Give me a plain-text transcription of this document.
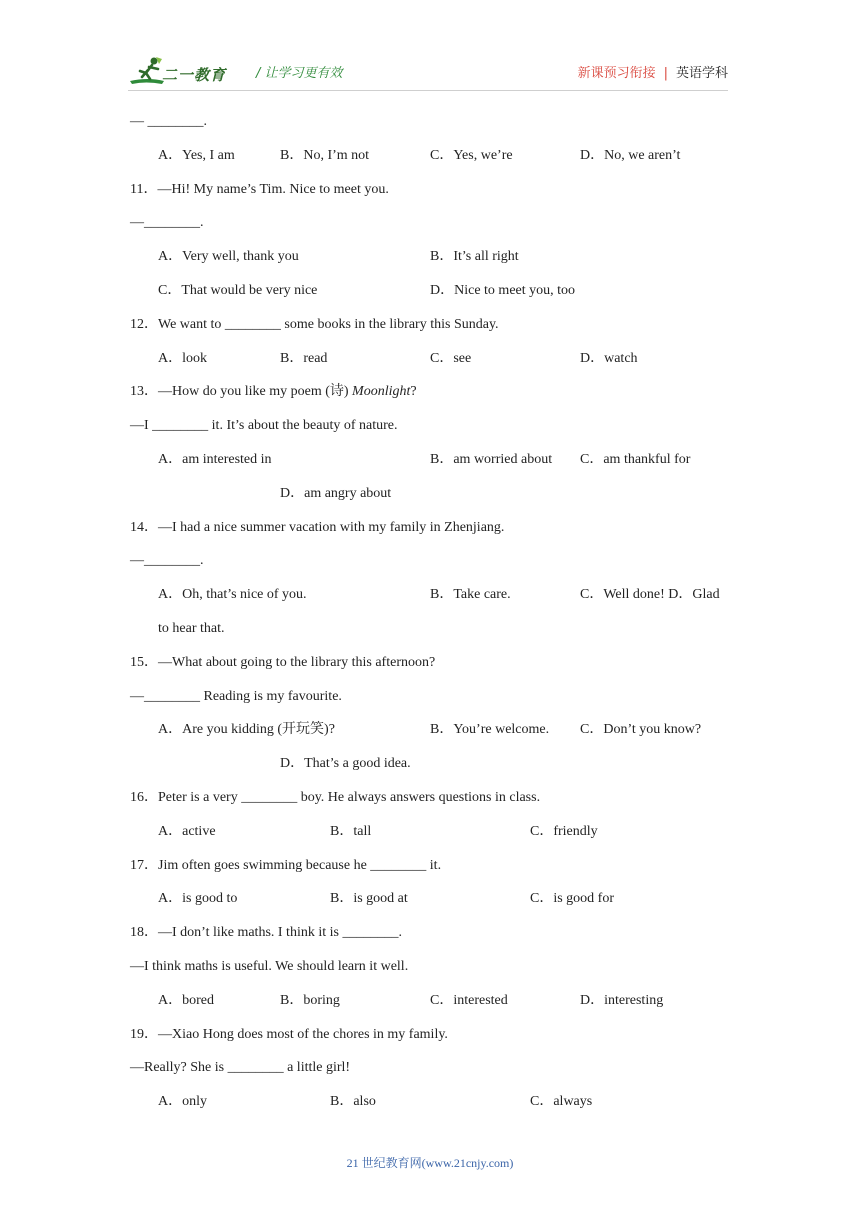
二一教育 / 让学习更有效	新课预习衔接 | 英语学科
— ________.
A．Yes, I am	B．No, I’m not	C．Yes, we’re	D．No, we aren’t
11．—Hi! My name’s Tim. Nice to meet you.
—________.
A．Very well, thank you	B．It’s all right
C．That would be very nice	D．Nice to meet you, too
12．We want to ________ some books in the library this Sunday.
A．look	B．read	C．see	D．watch
13．—How do you like my poem (诗) Moonlight?
—I ________ it. It’s about the beauty of nature.
A．am interested in	B．am worried about C．am thankful for
D．am angry about
14．—I had a nice summer vacation with my family in Zhenjiang.
—________.
A．Oh, that’s nice of you.	B．Take care.	C．Well done! D．Glad
to hear that.
15．—What about going to the library this afternoon?
—________ Reading is my favourite.
A．Are you kidding (开玩笑)?	B．You’re welcome. C．Don’t you know?
D．That’s a good idea.
16．Peter is a very ________ boy. He always answers questions in class.
A．active	B．tall	C．friendly
17．Jim often goes swimming because he ________ it.
A．is good to	B．is good at	C．is good for
18．—I don’t like maths. I think it is ________.
—I think maths is useful. We should learn it well.
A．bored	B．boring	C．interested	D．interesting
19．—Xiao Hong does most of the chores in my family.
—Really? She is ________ a little girl!
A．only	B．also	C．always
21 世纪教育网(www.21cnjy.com)
